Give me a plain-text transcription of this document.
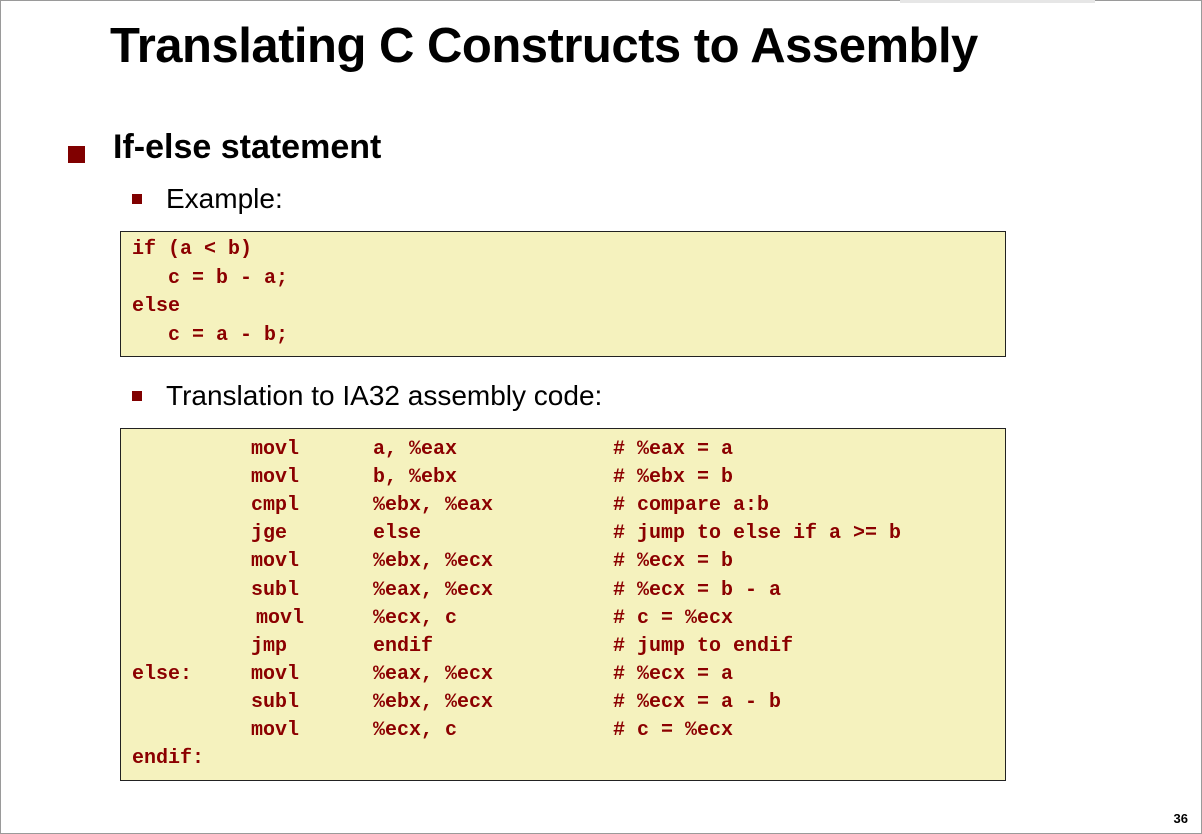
Translating C Constructs to Assembly
If-else statement
Example:
if (a < b)
c = b - a;
else
c = a - b;
Translation to IA32 assembly code:
movl	a, %eax	# %eax = a
movl	b, %ebx	# %ebx = b
cmpl	%ebx, %eax	# compare a:b
jge	else	# jump to else if a >= b
movl	%ebx, %ecx	# %ecx = b
subl	%eax, %ecx	# %ecx = b - a
movl	%ecx, c	# c = %ecx
jmp	endif	# jump to endif
else:	movl	%eax, %ecx	# %ecx = a
subl	%ebx, %ecx	# %ecx = a - b
movl	%ecx, c	# c = %ecx
endif:
36
